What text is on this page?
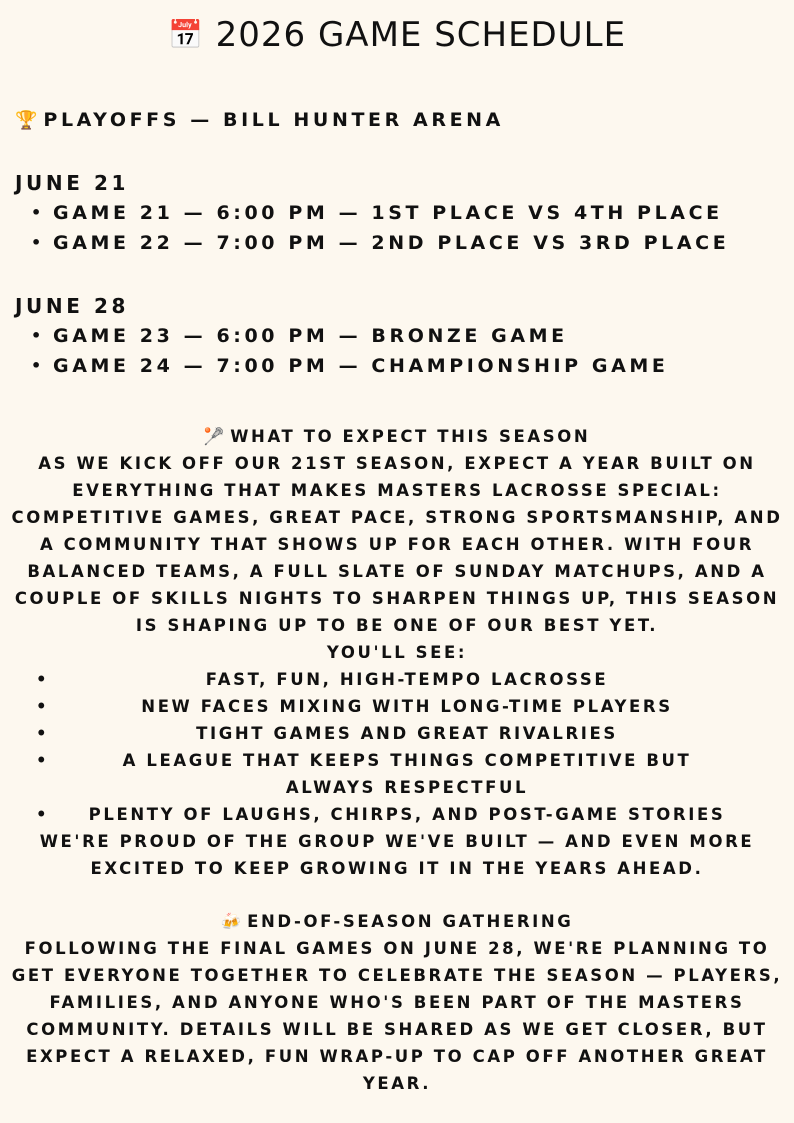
📅 2026 GAME SCHEDULE
🏆 PLAYOFFS — BILL HUNTER ARENA
JUNE 21
• GAME 21 — 6:00 PM — 1ST PLACE VS 4TH PLACE
• GAME 22 — 7:00 PM — 2ND PLACE VS 3RD PLACE
JUNE 28
• GAME 23 — 6:00 PM — BRONZE GAME
• GAME 24 — 7:00 PM — CHAMPIONSHIP GAME

🥍 WHAT TO EXPECT THIS SEASON

AS WE KICK OFF OUR 21ST SEASON, EXPECT A YEAR BUILT ON EVERYTHING THAT MAKES MASTERS LACROSSE SPECIAL: COMPETITIVE GAMES, GREAT PACE, STRONG SPORTSMANSHIP, AND A COMMUNITY THAT SHOWS UP FOR EACH OTHER. WITH FOUR BALANCED TEAMS, A FULL SLATE OF SUNDAY MATCHUPS, AND A COUPLE OF SKILLS NIGHTS TO SHARPEN THINGS UP, THIS SEASON IS SHAPING UP TO BE ONE OF OUR BEST YET.

YOU'LL SEE:

•	FAST, FUN, HIGH-TEMPO LACROSSE
•	NEW FACES MIXING WITH LONG-TIME PLAYERS
•	TIGHT GAMES AND GREAT RIVALRIES
•	A LEAGUE THAT KEEPS THINGS COMPETITIVE BUT ALWAYS RESPECTFUL
•	PLENTY OF LAUGHS, CHIRPS, AND POST-GAME STORIES

WE'RE PROUD OF THE GROUP WE'VE BUILT — AND EVEN MORE EXCITED TO KEEP GROWING IT IN THE YEARS AHEAD.

🍻 END-OF-SEASON GATHERING

FOLLOWING THE FINAL GAMES ON JUNE 28, WE'RE PLANNING TO GET EVERYONE TOGETHER TO CELEBRATE THE SEASON — PLAYERS, FAMILIES, AND ANYONE WHO'S BEEN PART OF THE MASTERS COMMUNITY. DETAILS WILL BE SHARED AS WE GET CLOSER, BUT EXPECT A RELAXED, FUN WRAP-UP TO CAP OFF ANOTHER GREAT YEAR.
